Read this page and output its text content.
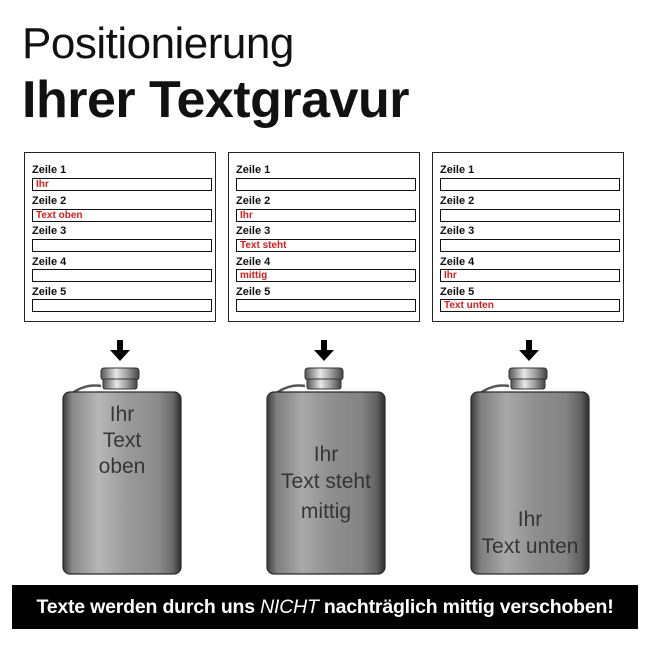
Positionierung
Ihrer Textgravur
Zeile 1
Ihr
Zeile 2
Text oben
Zeile 3
Zeile 4
Zeile 5
Zeile 1
Zeile 2
Ihr
Zeile 3
Text steht
Zeile 4
mittig
Zeile 5
Zeile 1
Zeile 2
Zeile 3
Zeile 4
Ihr
Zeile 5
Text unten
Ihr
Text
oben
Ihr
Text steht
mittig	Ihr
Text unten
Texte werden durch uns NICHT nachträglich mittig verschoben!
